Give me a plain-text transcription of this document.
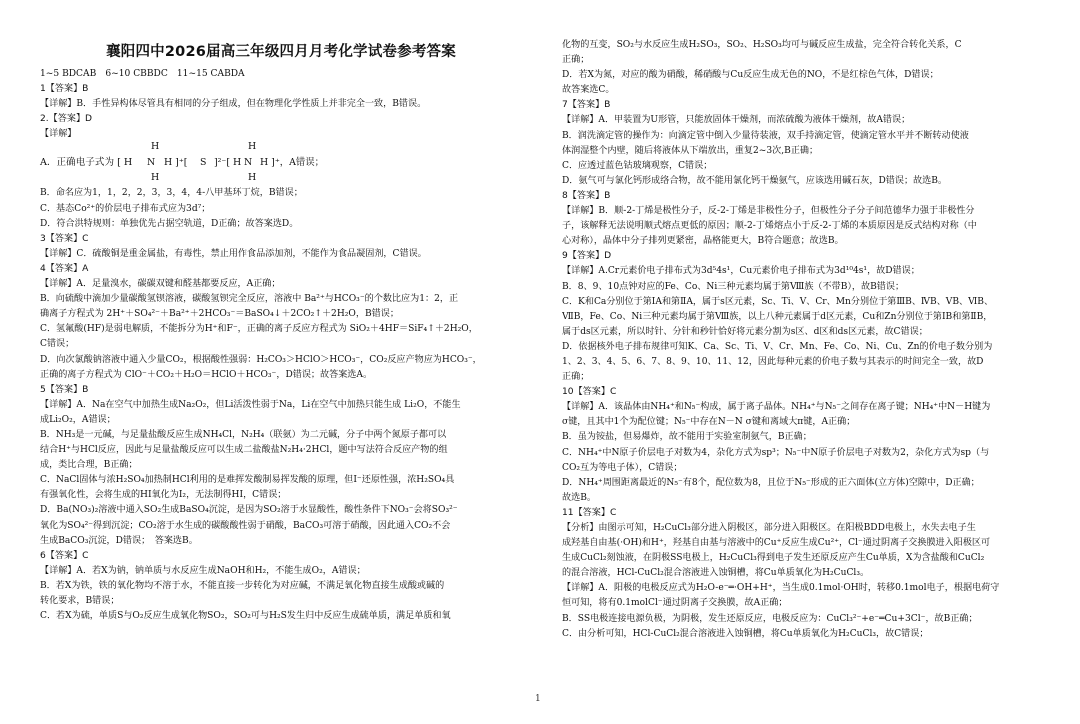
襄阳四中2026届高三年级四月月考化学试卷参考答案
1~5 BDCAB　6~10 CBBDC　11~15 CABDA
1【答案】B
【详解】B．手性异构体尽管具有相同的分子组成，但在物理化学性质上并非完全一致，B错误。
2.【答案】D
【详解】
A．正确电子式为 [ H
H
N
H
H ]⁺[ S ]²⁻[ H
H
N
H
H ]⁺，A错误；
B．命名应为1，1，2，2，3，3，4，4-八甲基环丁烷，B错误；
C．基态Co²⁺的价层电子排布式应为3d⁷；
D．符合洪特规则：单独优先占据空轨道，D正确；故答案选D。
3【答案】C
【详解】C．硫酸铜是重金属盐，有毒性，禁止用作食品添加剂，不能作为食品凝固剂，C错误。
4【答案】A
【详解】A．足量溴水，碳碳双键和醛基都要反应，A正确；
B．向硫酸中滴加少量碳酸氢钡溶液，碳酸氢钡完全反应，溶液中 Ba²⁺与HCO₃⁻的个数比应为1：2，正
确离子方程式为 2H⁺＋SO₄²⁻＋Ba²⁺＋2HCO₃⁻＝BaSO₄↓＋2CO₂↑＋2H₂O，B错误；
C．氢氟酸(HF)是弱电解质，不能拆分为H⁺和F⁻，正确的离子反应方程式为 SiO₂＋4HF＝SiF₄↑＋2H₂O，
C错误；
D．向次氯酸钠溶液中通入少量CO₂，根据酸性强弱：H₂CO₃＞HClO＞HCO₃⁻，CO₂反应产物应为HCO₃⁻，
正确的离子方程式为 ClO⁻＋CO₂＋H₂O＝HClO＋HCO₃⁻，D错误；故答案选A。
5【答案】B
【详解】A．Na在空气中加热生成Na₂O₂，但Li活泼性弱于Na，Li在空气中加热只能生成 Li₂O，不能生
成Li₂O₂，A错误；
B．NH₃是一元碱，与足量盐酸反应生成NH₄Cl，N₂H₄（联氨）为二元碱，分子中两个氮原子都可以
结合H⁺与HCl反应，因此与足量盐酸反应可以生成二盐酸盐N₂H₄·2HCl，题中写法符合反应产物的组
成，类比合理，B正确；
C．NaCl固体与浓H₂SO₄加热制HCl利用的是难挥发酸制易挥发酸的原理，但I⁻还原性强，浓H₂SO₄具
有强氧化性，会将生成的HI氧化为I₂，无法制得HI，C错误；
D．Ba(NO₃)₂溶液中通入SO₂生成BaSO₄沉淀，是因为SO₂溶于水显酸性，酸性条件下NO₃⁻会将SO₃²⁻
氧化为SO₄²⁻得到沉淀；CO₂溶于水生成的碳酸酸性弱于硝酸，BaCO₃可溶于硝酸，因此通入CO₂不会
生成BaCO₃沉淀，D错误；　答案选B。
6【答案】C
【详解】A．若X为钠，钠单质与水反应生成NaOH和H₂，不能生成O₂，A错误；
B．若X为铁，铁的氧化物均不溶于水，不能直接一步转化为对应碱，不满足氧化物直接生成酸或碱的
转化要求，B错误；
C．若X为硫，单质S与O₂反应生成氧化物SO₂，SO₂可与H₂S发生归中反应生成硫单质，满足单质和氧
化物的互变，SO₂与水反应生成H₂SO₃，SO₂、H₂SO₃均可与碱反应生成盐，完全符合转化关系，C
正确；
D．若X为氮，对应的酸为硝酸，稀硝酸与Cu反应生成无色的NO，不是红棕色气体，D错误；
故答案选C。
7【答案】B
【详解】A．甲装置为U形管，只能放固体干燥剂，而浓硫酸为液体干燥剂，故A错误；
B．润洗滴定管的操作为：向滴定管中倒入少量待装液，双手持滴定管，使滴定管水平并不断转动使液
体润湿整个内壁，随后将液体从下端放出，重复2~3次,B正确；
C．应透过蓝色钴玻璃观察，C错误；
D．氨气可与氯化钙形成络合物，故不能用氯化钙干燥氨气，应该选用碱石灰，D错误；故选B。
8【答案】B
【详解】B．顺-2-丁烯是极性分子，反-2-丁烯是非极性分子，但极性分子分子间范德华力强于非极性分
子，该解释无法说明顺式熔点更低的原因；顺-2-丁烯熔点小于反-2-丁烯的本质原因是反式结构对称（中
心对称），晶体中分子排列更紧密，晶格能更大，B符合题意；故选B。
9【答案】D
【详解】A.Cr元素价电子排布式为3d⁵4s¹，Cu元素价电子排布式为3d¹⁰4s¹，故D错误；
B．8、9、10点钟对应的Fe、Co、Ni三种元素均属于第Ⅷ族（不带B），故B错误；
C．K和Ca分别位于第ⅠA和第ⅡA，属于s区元素，Sc、Ti、V、Cr、Mn分别位于第ⅢB、ⅣB、ⅤB、ⅥB、
ⅦB，Fe、Co、Ni三种元素均属于第Ⅷ族，以上八种元素属于d区元素，Cu和Zn分别位于第ⅠB和第ⅡB，
属于ds区元素，所以时针、分针和秒针恰好将元素分割为s区、d区和ds区元素，故C错误；
D．依据核外电子排布规律可知K、Ca、Sc、Ti、V、Cr、Mn、Fe、Co、Ni、Cu、Zn的价电子数分别为
1、2、3、4、5、6、7、8、9、10、11、12，因此每种元素的价电子数与其表示的时间完全一致，故D
正确；
10【答案】C
【详解】A．该晶体由NH₄⁺和N₅⁻构成，属于离子晶体。NH₄⁺与N₅⁻之间存在离子键；NH₄⁺中N－H键为
σ键，且其中1个为配位键；N₅⁻中存在N－N σ键和离域大π键，A正确；
B．虽为铵盐，但易爆炸，故不能用于实验室制氨气，B正确；
C．NH₄⁺中N原子价层电子对数为4，杂化方式为sp³；N₅⁻中N原子价层电子对数为2，杂化方式为sp（与
CO₂互为等电子体），C错误；
D．NH₄⁺周围距离最近的N₅⁻有8个，配位数为8，且位于N₅⁻形成的正六面体(立方体)空隙中，D正确；
故选B。
11【答案】C
【分析】由图示可知，H₂CuCl₃部分进入阴极区，部分进入阳极区。在阳极BDD电极上，水失去电子生
成羟基自由基(·OH)和H⁺，羟基自由基与溶液中的Cu⁺反应生成Cu²⁺，Cl⁻通过阴离子交换膜进入阳极区可
生成CuCl₂刻蚀液，在阴极SS电极上，H₂CuCl₃得到电子发生还原反应产生Cu单质，X为含盐酸和CuCl₂
的混合溶液，HCl-CuCl₂混合溶液进入蚀铜槽，将Cu单质氧化为H₂CuCl₃。
【详解】A．阳极的电极反应式为H₂O-e⁻═·OH+H⁺，当生成0.1mol·OH时，转移0.1mol电子，根据电荷守
恒可知，将有0.1molCl⁻通过阴离子交换膜，故A正确；
B．SS电极连接电源负极，为阴极，发生还原反应，电极反应为：CuCl₃²⁻+e⁻═Cu+3Cl⁻，故B正确；
C．由分析可知，HCl-CuCl₂混合溶液进入蚀铜槽，将Cu单质氧化为H₂CuCl₃，故C错误；
1
